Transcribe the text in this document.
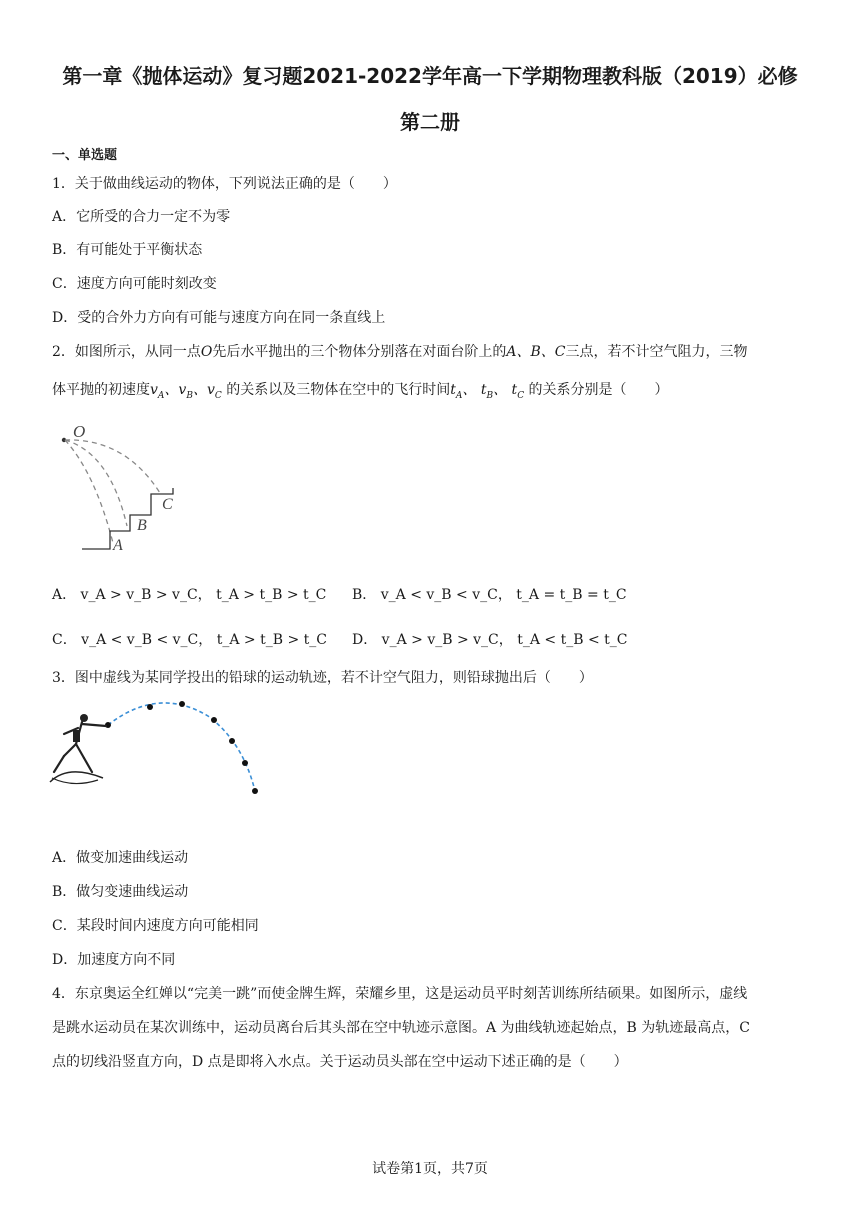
第一章《抛体运动》复习题2021-2022学年高一下学期物理教科版（2019）必修
第二册
一、单选题
1．关于做曲线运动的物体，下列说法正确的是（　　）
A．它所受的合力一定不为零
B．有可能处于平衡状态
C．速度方向可能时刻改变
D．受的合外力方向有可能与速度方向在同一条直线上
2．如图所示，从同一点O先后水平抛出的三个物体分别落在对面台阶上的A、B、C三点，若不计空气阻力，三物
体平抛的初速度$v_A$、$v_B$、$v_C$ 的关系以及三物体在空中的飞行时间$t_A$、 $t_B$、 $t_C$ 的关系分别是（　　）
O
A
B
C
A． v_A > v_B > v_C， t_A > t_B > t_C B． v_A < v_B < v_C， t_A = t_B = t_C
C． v_A < v_B < v_C， t_A > t_B > t_C D． v_A > v_B > v_C， t_A < t_B < t_C
3．图中虚线为某同学投出的铅球的运动轨迹，若不计空气阻力，则铅球抛出后（　　）
A．做变加速曲线运动
B．做匀变速曲线运动
C．某段时间内速度方向可能相同
D．加速度方向不同
4．东京奥运全红婵以“完美一跳”而使金牌生辉，荣耀乡里，这是运动员平时刻苦训练所结硕果。如图所示，虚线
是跳水运动员在某次训练中，运动员离台后其头部在空中轨迹示意图。A 为曲线轨迹起始点，B 为轨迹最高点，C
点的切线沿竖直方向，D 点是即将入水点。关于运动员头部在空中运动下述正确的是（　　）
试卷第1页，共7页
